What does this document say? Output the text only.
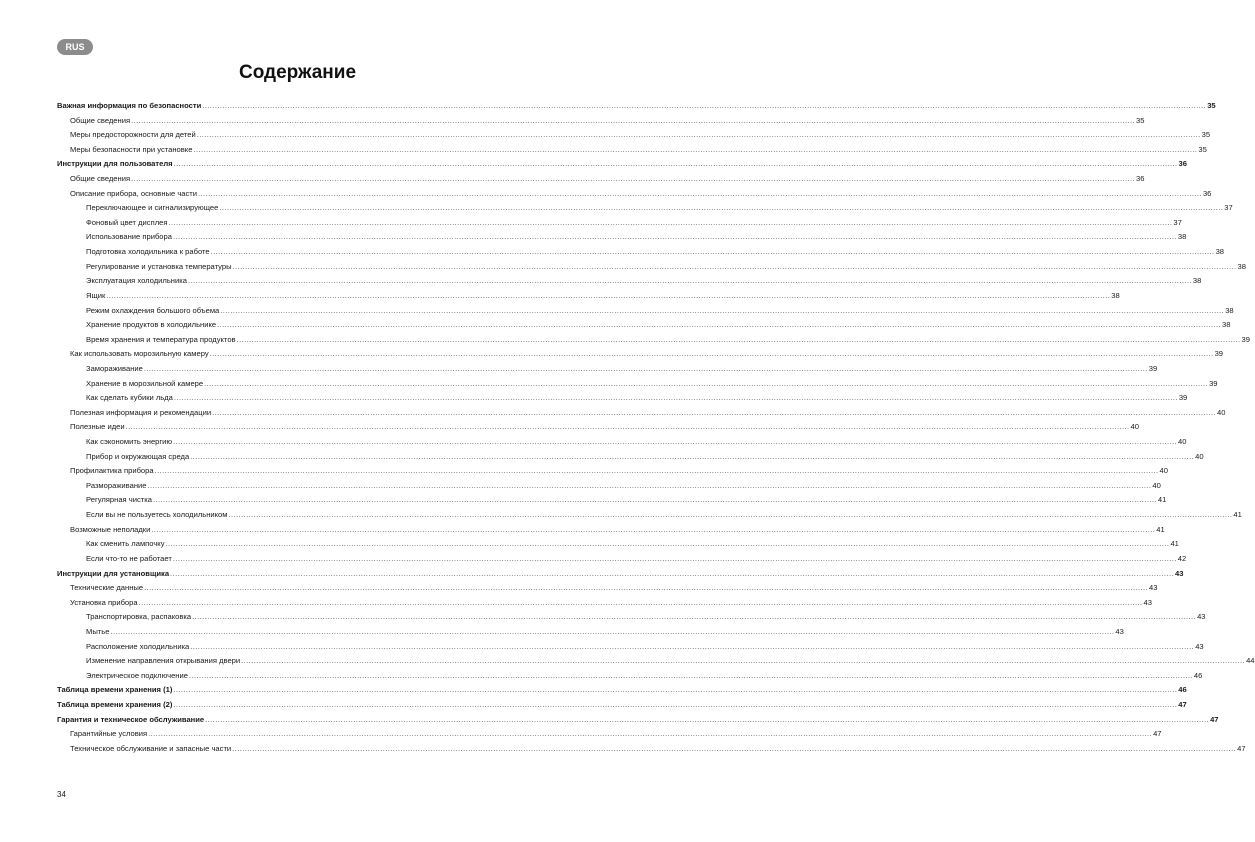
RUS
Содержание
Важная информация по безопасности ................................................................................................................................................................................................................................................................................................................................................................................................................ 35
Общие сведения ................................................................................................................................................................................................................................................................................................................................................................................................................ 35
Меры предосторожности для детей ................................................................................................................................................................................................................................................................................................................................................................................................................ 35
Меры безопасности при установке ................................................................................................................................................................................................................................................................................................................................................................................................................ 35
Инструкции для пользователя ................................................................................................................................................................................................................................................................................................................................................................................................................ 36
Общие сведения ................................................................................................................................................................................................................................................................................................................................................................................................................ 36
Описание прибора, основные части ................................................................................................................................................................................................................................................................................................................................................................................................................ 36
Переключающее и сигнализирующее ................................................................................................................................................................................................................................................................................................................................................................................................................ 37
Фоновый цвет дисплея ................................................................................................................................................................................................................................................................................................................................................................................................................ 37
Использование прибора ................................................................................................................................................................................................................................................................................................................................................................................................................ 38
Подготовка холодильника к работе ................................................................................................................................................................................................................................................................................................................................................................................................................ 38
Регулирование и установка температуры ................................................................................................................................................................................................................................................................................................................................................................................................................ 38
Эксплуатация холодильника ................................................................................................................................................................................................................................................................................................................................................................................................................ 38
Ящик ................................................................................................................................................................................................................................................................................................................................................................................................................ 38
Режим охлаждения большого объема ................................................................................................................................................................................................................................................................................................................................................................................................................ 38
Хранение продуктов в холодильнике ................................................................................................................................................................................................................................................................................................................................................................................................................ 38
Время хранения и температура продуктов ................................................................................................................................................................................................................................................................................................................................................................................................................ 39
Как использовать морозильную камеру ................................................................................................................................................................................................................................................................................................................................................................................................................ 39
Замораживание ................................................................................................................................................................................................................................................................................................................................................................................................................ 39
Хранение в морозильной камере ................................................................................................................................................................................................................................................................................................................................................................................................................ 39
Как сделать кубики льда ................................................................................................................................................................................................................................................................................................................................................................................................................ 39
Полезная информация и рекомендации ................................................................................................................................................................................................................................................................................................................................................................................................................ 40
Полезные идеи ................................................................................................................................................................................................................................................................................................................................................................................................................ 40
Как сэкономить энергию ................................................................................................................................................................................................................................................................................................................................................................................................................ 40
Прибор и окружающая среда ................................................................................................................................................................................................................................................................................................................................................................................................................ 40
Профилактика прибора ................................................................................................................................................................................................................................................................................................................................................................................................................ 40
Размораживание ................................................................................................................................................................................................................................................................................................................................................................................................................ 40
Регулярная чистка ................................................................................................................................................................................................................................................................................................................................................................................................................ 41
Если вы не пользуетесь холодильником ................................................................................................................................................................................................................................................................................................................................................................................................................ 41
Возможные неполадки ................................................................................................................................................................................................................................................................................................................................................................................................................ 41
Как сменить лампочку ................................................................................................................................................................................................................................................................................................................................................................................................................ 41
Если что-то не работает ................................................................................................................................................................................................................................................................................................................................................................................................................ 42
Инструкции для установщика ................................................................................................................................................................................................................................................................................................................................................................................................................ 43
Технические данные ................................................................................................................................................................................................................................................................................................................................................................................................................ 43
Установка прибора ................................................................................................................................................................................................................................................................................................................................................................................................................ 43
Транспортировка, распаковка ................................................................................................................................................................................................................................................................................................................................................................................................................ 43
Мытье ................................................................................................................................................................................................................................................................................................................................................................................................................ 43
Расположение холодильника ................................................................................................................................................................................................................................................................................................................................................................................................................ 43
Изменение направления открывания двери ................................................................................................................................................................................................................................................................................................................................................................................................................ 44
Электрическое подключение ................................................................................................................................................................................................................................................................................................................................................................................................................ 46
Таблица времени хранения (1) ................................................................................................................................................................................................................................................................................................................................................................................................................ 46
Таблица времени хранения (2) ................................................................................................................................................................................................................................................................................................................................................................................................................ 47
Гарантия и техническое обслуживание ................................................................................................................................................................................................................................................................................................................................................................................................................ 47
Гарантийные условия ................................................................................................................................................................................................................................................................................................................................................................................................................ 47
Техническое обслуживание и запасные части ................................................................................................................................................................................................................................................................................................................................................................................................................ 47
34
